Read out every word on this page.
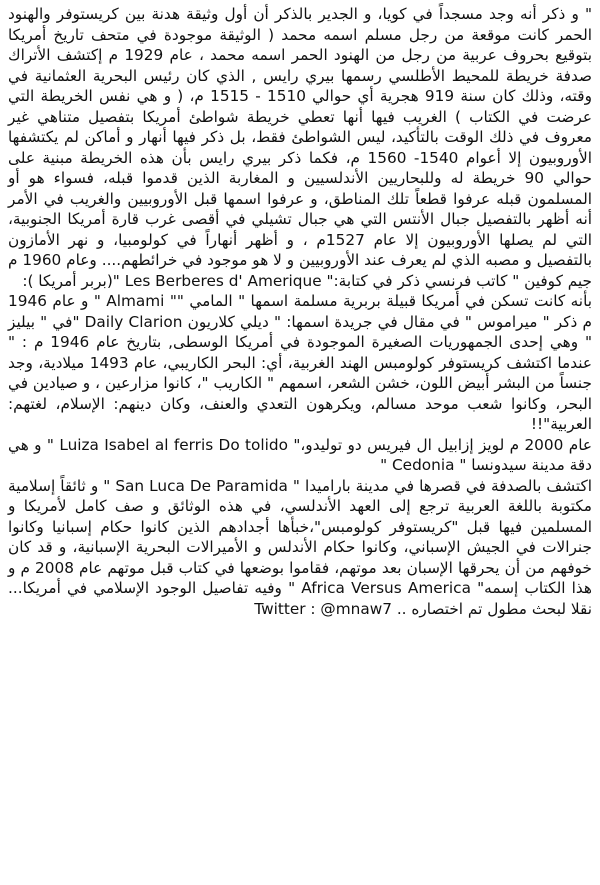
" و ذكر أنه وجد مسجداً في كويا، و الجدير بالذكر أن أول وثيقة هدنة بين كريستوفر والهنود الحمر كانت موقعة من رجل مسلم اسمه محمد ( الوثيقة موجودة في متحف تاريخ أمريكا بتوقيع بحروف عربية من رجل من الهنود الحمر اسمه محمد ، عام 1929 م إكتشف الأتراك صدفة خريطة للمحيط الأطلسي رسمها بيري رايس , الذي كان رئيس البحرية العثمانية في وقته، وذلك كان سنة 919 هجرية أي حوالي 1510 - 1515 م، ( و هي نفس الخريطة التي عرضت في الكتاب ) الغريب فيها أنها تعطي خريطة شواطئ أمريكا بتفصيل متناهي غير معروف في ذلك الوقت بالتأكيد، ليس الشواطئ فقط، بل ذكر فيها أنهار و أماكن لم يكتشفها الأوروبيون إلا أعوام 1540- 1560 م، فكما ذكر بيري رايس بأن هذه الخريطة مبنية على حوالي 90 خريطة له وللبحاريين الأندلسيين و المغاربة الذين قدموا قبله، فسواء هو أو المسلمون قبله عرفوا قطعاً تلك المناطق، و عرفوا اسمها قبل الأوروبيين والغريب في الأمر أنه أظهر بالتفصيل جبال الأنتس التي هي جبال تشيلي في أقصى غرب قارة أمريكا الجنوبية، التي لم يصلها الأوروبيون إلا عام 1527م ، و أظهر أنهاراً في كولومبيا، و نهر الأمازون بالتفصيل و مصبه الذي لم يعرف عند الأوروبيين و لا هو موجود في خرائطهم.... وعام 1960 م جيم كوفين " كاتب فرنسي ذكر في كتابة:" Les Berberes d' Amerique "(بربر أمريكا ):
بأنه كانت تسكن في أمريكا قبيلة بربرية مسلمة اسمها " المامي "" Almami " و عام 1946 م ذكر " ميراموس " في مقال في جريدة اسمها: " ديلي كلاريون Daily Clarion "في " بيليز " وهي إحدى الجمهوريات الصغيرة الموجودة في أمريكا الوسطى, بتاريخ عام 1946 م : " عندما اكتشف كريستوفر كولومبس الهند الغربية، أي: البحر الكاريبي، عام 1493 ميلادية، وجد جنساً من البشر أبيض اللون، خشن الشعر، اسمهم " الكاريب "، كانوا مزارعين ، و صيادين في البحر، وكانوا شعب موحد مسالم، ويكرهون التعدي والعنف، وكان دينهم: الإسلام، لغتهم: العربية"!!
عام 2000 م لويز إزابيل ال فيريس دو توليدو،" Luiza Isabel al ferris Do tolido " و هي دقة مدينة سيدونسا " Cedonia "
اكتشف بالصدفة في قصرها في مدينة باراميدا " San Luca De Paramida " و ثائقاً إسلامية مكتوبة باللغة العربية ترجع إلى العهد الأندلسي، في هذه الوثائق و صف كامل لأمريكا و المسلمين فيها قبل "كريستوفر كولومبس"،خبأها أجدادهم الذين كانوا حكام إسبانيا وكانوا جنرالات في الجيش الإسباني، وكانوا حكام الأندلس و الأميرالات البحرية الإسبانية، و قد كان خوفهم من أن يحرقها الإسبان بعد موتهم، فقاموا بوضعها في كتاب قبل موتهم عام 2008 م و هذا الكتاب إسمه" Africa Versus America " وفيه تفاصيل الوجود الإسلامي في أمريكا... نقلا لبحث مطول تم اختصاره .. Twitter : @mnaw7
